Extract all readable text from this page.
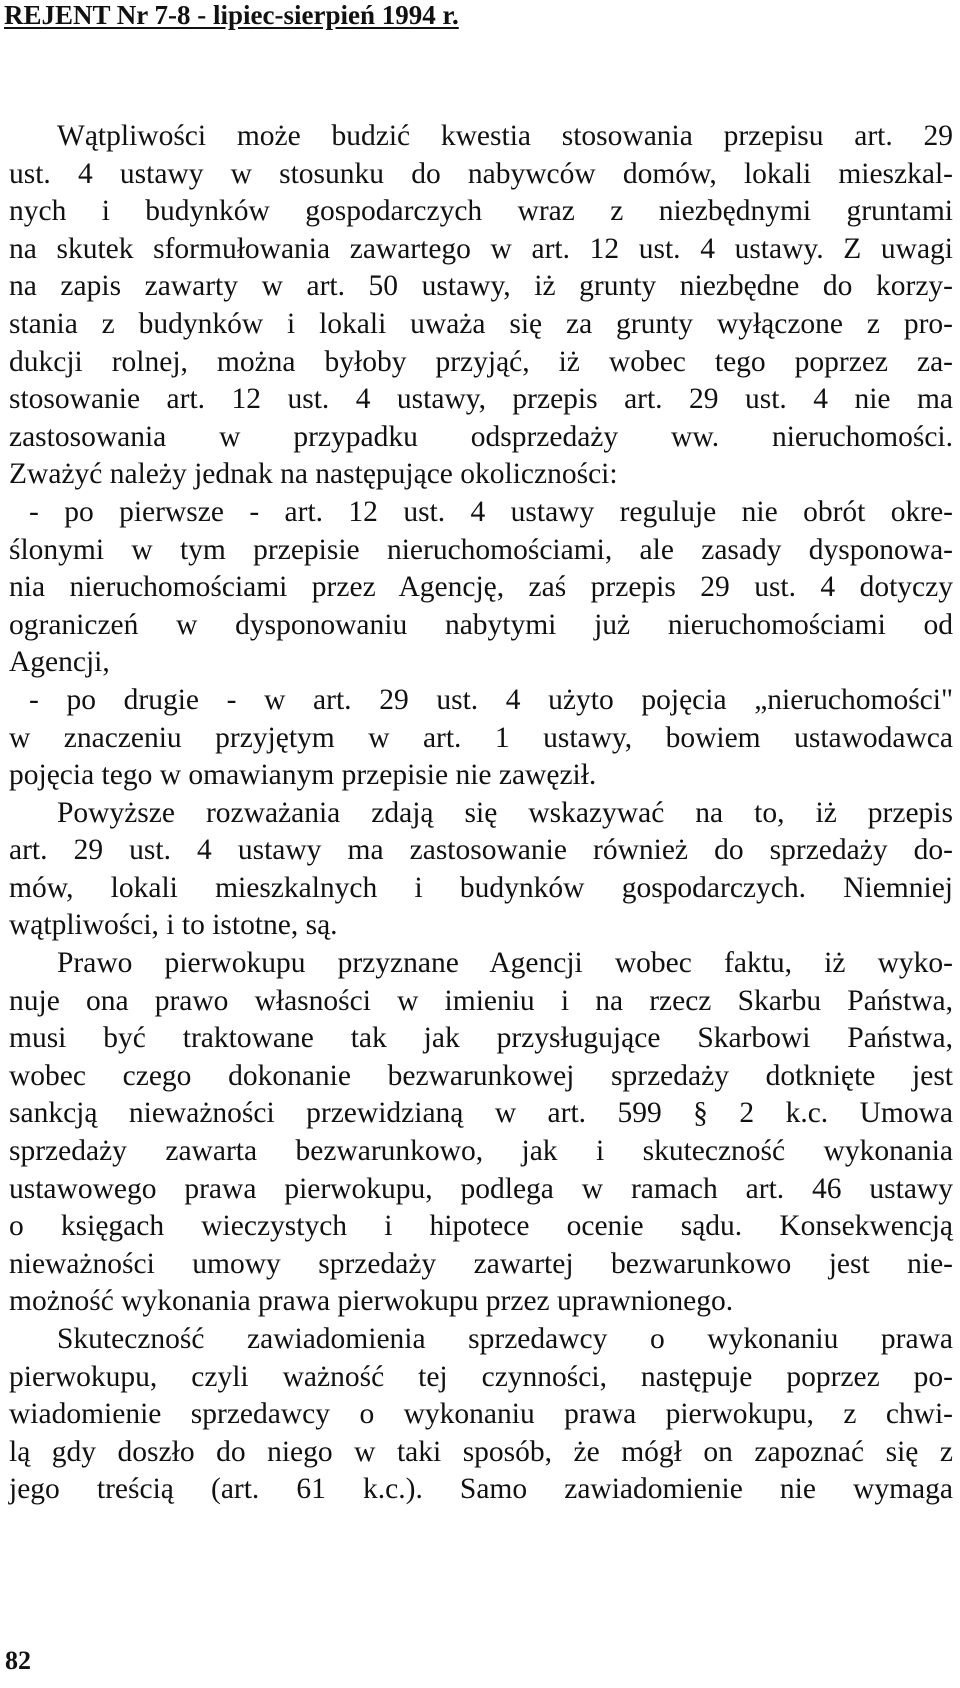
REJENT Nr 7-8 - lipiec-sierpień 1994 r.
Wątpliwości może budzić kwestia stosowania przepisu art. 29
ust. 4 ustawy w stosunku do nabywców domów, lokali mieszkal-
nych i budynków gospodarczych wraz z niezbędnymi gruntami
na skutek sformułowania zawartego w art. 12 ust. 4 ustawy. Z uwagi
na zapis zawarty w art. 50 ustawy, iż grunty niezbędne do korzy-
stania z budynków i lokali uważa się za grunty wyłączone z pro-
dukcji rolnej, można byłoby przyjąć, iż wobec tego poprzez za-
stosowanie art. 12 ust. 4 ustawy, przepis art. 29 ust. 4 nie ma
zastosowania w przypadku odsprzedaży ww. nieruchomości.
Zważyć należy jednak na następujące okoliczności:
- po pierwsze - art. 12 ust. 4 ustawy reguluje nie obrót okre-
ślonymi w tym przepisie nieruchomościami, ale zasady dysponowa-
nia nieruchomościami przez Agencję, zaś przepis 29 ust. 4 dotyczy
ograniczeń w dysponowaniu nabytymi już nieruchomościami od
Agencji,
- po drugie - w art. 29 ust. 4 użyto pojęcia „nieruchomości"
w znaczeniu przyjętym w art. 1 ustawy, bowiem ustawodawca
pojęcia tego w omawianym przepisie nie zawęził.
Powyższe rozważania zdają się wskazywać na to, iż przepis
art. 29 ust. 4 ustawy ma zastosowanie również do sprzedaży do-
mów, lokali mieszkalnych i budynków gospodarczych. Niemniej
wątpliwości, i to istotne, są.
Prawo pierwokupu przyznane Agencji wobec faktu, iż wyko-
nuje ona prawo własności w imieniu i na rzecz Skarbu Państwa,
musi być traktowane tak jak przysługujące Skarbowi Państwa,
wobec czego dokonanie bezwarunkowej sprzedaży dotknięte jest
sankcją nieważności przewidzianą w art. 599 § 2 k.c. Umowa
sprzedaży zawarta bezwarunkowo, jak i skuteczność wykonania
ustawowego prawa pierwokupu, podlega w ramach art. 46 ustawy
o księgach wieczystych i hipotece ocenie sądu. Konsekwencją
nieważności umowy sprzedaży zawartej bezwarunkowo jest nie-
możność wykonania prawa pierwokupu przez uprawnionego.
Skuteczność zawiadomienia sprzedawcy o wykonaniu prawa
pierwokupu, czyli ważność tej czynności, następuje poprzez po-
wiadomienie sprzedawcy o wykonaniu prawa pierwokupu, z chwi-
lą gdy doszło do niego w taki sposób, że mógł on zapoznać się z
jego treścią (art. 61 k.c.). Samo zawiadomienie nie wymaga
82
